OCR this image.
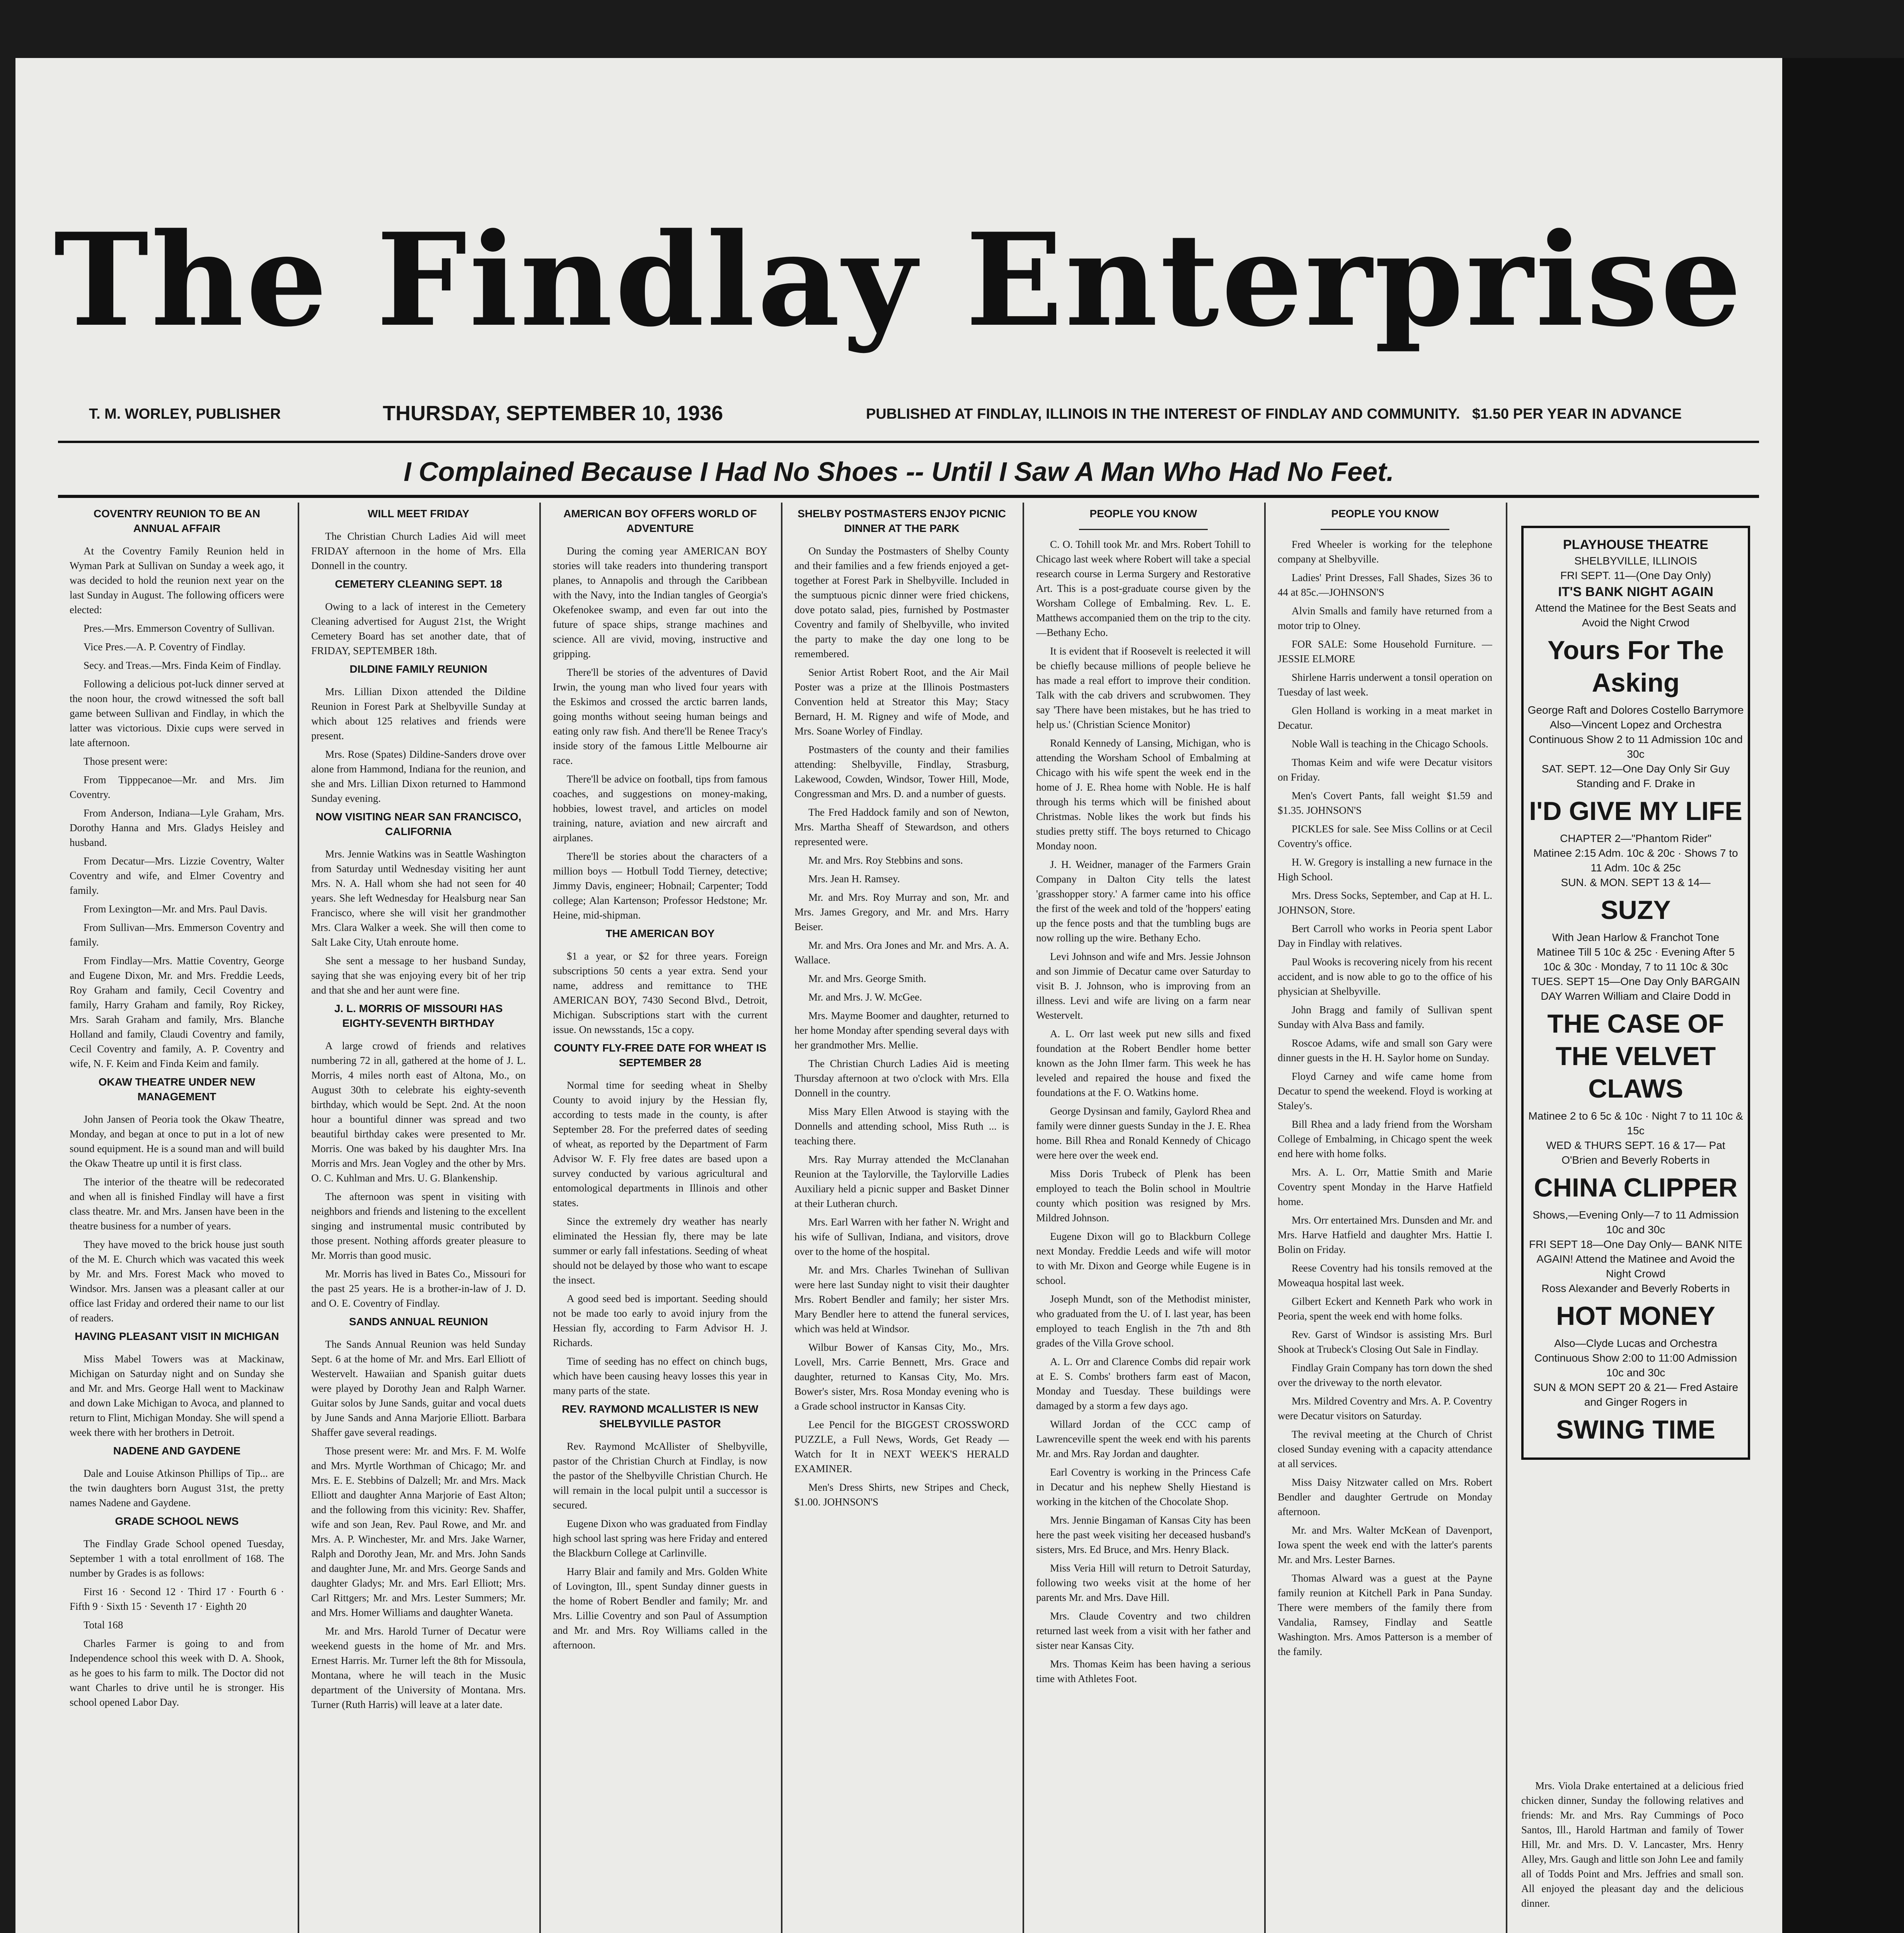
The Findlay Enterprise
T. M. WORLEY, PUBLISHER	THURSDAY, SEPTEMBER 10, 1936	PUBLISHED AT FINDLAY, ILLINOIS IN THE INTEREST OF FINDLAY AND COMMUNITY. $1.50 PER YEAR IN ADVANCE
I Complained Because I Had No Shoes -- Until I Saw A Man Who Had No Feet.
COVENTRY REUNION TO BE AN ANNUAL AFFAIR

At the Coventry Family Reunion held in Wyman Park at Sullivan on Sunday a week ago, it was decided to hold the reunion next year on the last Sunday in August. The following officers were elected:

Pres.—Mrs. Emmerson Coventry of Sullivan.

Vice Pres.—A. P. Coventry of Findlay.

Secy. and Treas.—Mrs. Finda Keim of Findlay.

Following a delicious pot-luck dinner served at the noon hour, the crowd witnessed the soft ball game between Sullivan and Findlay, in which the latter was victorious. Dixie cups were served in late afternoon.

Those present were:

From Tipppecanoe—Mr. and Mrs. Jim Coventry.

From Anderson, Indiana—Lyle Graham, Mrs. Dorothy Hanna and Mrs. Gladys Heisley and husband.

From Decatur—Mrs. Lizzie Coventry, Walter Coventry and wife, and Elmer Coventry and family.

From Lexington—Mr. and Mrs. Paul Davis.

From Sullivan—Mrs. Emmerson Coventry and family.

From Findlay—Mrs. Mattie Coventry, George and Eugene Dixon, Mr. and Mrs. Freddie Leeds, Roy Graham and family, Cecil Coventry and family, Harry Graham and family, Roy Rickey, Mrs. Sarah Graham and family, Mrs. Blanche Holland and family, Claudi Coventry and family, Cecil Coventry and family, A. P. Coventry and wife, N. F. Keim and Finda Keim and family.

OKAW THEATRE UNDER NEW MANAGEMENT

John Jansen of Peoria took the Okaw Theatre, Monday, and began at once to put in a lot of new sound equipment. He is a sound man and will build the Okaw Theatre up until it is first class.

The interior of the theatre will be redecorated and when all is finished Findlay will have a first class theatre. Mr. and Mrs. Jansen have been in the theatre business for a number of years.

They have moved to the brick house just south of the M. E. Church which was vacated this week by Mr. and Mrs. Forest Mack who moved to Windsor. Mrs. Jansen was a pleasant caller at our office last Friday and ordered their name to our list of readers.

HAVING PLEASANT VISIT IN MICHIGAN

Miss Mabel Towers was at Mackinaw, Michigan on Saturday night and on Sunday she and Mr. and Mrs. George Hall went to Mackinaw and down Lake Michigan to Avoca, and planned to return to Flint, Michigan Monday. She will spend a week there with her brothers in Detroit.

NADENE AND GAYDENE

Dale and Louise Atkinson Phillips of Tip... are the twin daughters born August 31st, the pretty names Nadene and Gaydene.

GRADE SCHOOL NEWS

The Findlay Grade School opened Tuesday, September 1 with a total enrollment of 168. The number by Grades is as follows:

First 16 · Second 12 · Third 17 · Fourth 6 · Fifth 9 · Sixth 15 · Seventh 17 · Eighth 20

Total 168

Charles Farmer is going to and from Independence school this week with D. A. Shook, as he goes to his farm to milk. The Doctor did not want Charles to drive until he is stronger. His school opened Labor Day.

WILL MEET FRIDAY

The Christian Church Ladies Aid will meet FRIDAY afternoon in the home of Mrs. Ella Donnell in the country.

CEMETERY CLEANING SEPT. 18

Owing to a lack of interest in the Cemetery Cleaning advertised for August 21st, the Wright Cemetery Board has set another date, that of FRIDAY, SEPTEMBER 18th.

DILDINE FAMILY REUNION

Mrs. Lillian Dixon attended the Dildine Reunion in Forest Park at Shelbyville Sunday at which about 125 relatives and friends were present.

Mrs. Rose (Spates) Dildine-Sanders drove over alone from Hammond, Indiana for the reunion, and she and Mrs. Lillian Dixon returned to Hammond Sunday evening.

NOW VISITING NEAR SAN FRANCISCO, CALIFORNIA

Mrs. Jennie Watkins was in Seattle Washington from Saturday until Wednesday visiting her aunt Mrs. N. A. Hall whom she had not seen for 40 years. She left Wednesday for Healsburg near San Francisco, where she will visit her grandmother Mrs. Clara Walker a week. She will then come to Salt Lake City, Utah enroute home.

She sent a message to her husband Sunday, saying that she was enjoying every bit of her trip and that she and her aunt were fine.

J. L. MORRIS OF MISSOURI HAS EIGHTY-SEVENTH BIRTHDAY

A large crowd of friends and relatives numbering 72 in all, gathered at the home of J. L. Morris, 4 miles north east of Altona, Mo., on August 30th to celebrate his eighty-seventh birthday, which would be Sept. 2nd. At the noon hour a bountiful dinner was spread and two beautiful birthday cakes were presented to Mr. Morris. One was baked by his daughter Mrs. Ina Morris and Mrs. Jean Vogley and the other by Mrs. O. C. Kuhlman and Mrs. U. G. Blankenship.

The afternoon was spent in visiting with neighbors and friends and listening to the excellent singing and instrumental music contributed by those present. Nothing affords greater pleasure to Mr. Morris than good music.

Mr. Morris has lived in Bates Co., Missouri for the past 25 years. He is a brother-in-law of J. D. and O. E. Coventry of Findlay.

SANDS ANNUAL REUNION

The Sands Annual Reunion was held Sunday Sept. 6 at the home of Mr. and Mrs. Earl Elliott of Westervelt. Hawaiian and Spanish guitar duets were played by Dorothy Jean and Ralph Warner. Guitar solos by June Sands, guitar and vocal duets by June Sands and Anna Marjorie Elliott. Barbara Shaffer gave several readings.

Those present were: Mr. and Mrs. F. M. Wolfe and Mrs. Myrtle Worthman of Chicago; Mr. and Mrs. E. E. Stebbins of Dalzell; Mr. and Mrs. Mack Elliott and daughter Anna Marjorie of East Alton; and the following from this vicinity: Rev. Shaffer, wife and son Jean, Rev. Paul Rowe, and Mr. and Mrs. A. P. Winchester, Mr. and Mrs. Jake Warner, Ralph and Dorothy Jean, Mr. and Mrs. John Sands and daughter June, Mr. and Mrs. George Sands and daughter Gladys; Mr. and Mrs. Earl Elliott; Mrs. Carl Rittgers; Mr. and Mrs. Lester Summers; Mr. and Mrs. Homer Williams and daughter Waneta.

Mr. and Mrs. Harold Turner of Decatur were weekend guests in the home of Mr. and Mrs. Ernest Harris. Mr. Turner left the 8th for Missoula, Montana, where he will teach in the Music department of the University of Montana. Mrs. Turner (Ruth Harris) will leave at a later date.

AMERICAN BOY OFFERS WORLD OF ADVENTURE

During the coming year AMERICAN BOY stories will take readers into thundering transport planes, to Annapolis and through the Caribbean with the Navy, into the Indian tangles of Georgia's Okefenokee swamp, and even far out into the future of space ships, strange machines and science. All are vivid, moving, instructive and gripping.

There'll be stories of the adventures of David Irwin, the young man who lived four years with the Eskimos and crossed the arctic barren lands, going months without seeing human beings and eating only raw fish. And there'll be Renee Tracy's inside story of the famous Little Melbourne air race.

There'll be advice on football, tips from famous coaches, and suggestions on money-making, hobbies, lowest travel, and articles on model training, nature, aviation and new aircraft and airplanes.

There'll be stories about the characters of a million boys — Hotbull Todd Tierney, detective; Jimmy Davis, engineer; Hobnail; Carpenter; Todd college; Alan Kartenson; Professor Hedstone; Mr. Heine, mid-shipman.

THE AMERICAN BOY

$1 a year, or $2 for three years. Foreign subscriptions 50 cents a year extra. Send your name, address and remittance to THE AMERICAN BOY, 7430 Second Blvd., Detroit, Michigan. Subscriptions start with the current issue. On newsstands, 15c a copy.

COUNTY FLY-FREE DATE FOR WHEAT IS SEPTEMBER 28

Normal time for seeding wheat in Shelby County to avoid injury by the Hessian fly, according to tests made in the county, is after September 28. For the preferred dates of seeding of wheat, as reported by the Department of Farm Advisor W. F. Fly free dates are based upon a survey conducted by various agricultural and entomological departments in Illinois and other states.

Since the extremely dry weather has nearly eliminated the Hessian fly, there may be late summer or early fall infestations. Seeding of wheat should not be delayed by those who want to escape the insect.

A good seed bed is important. Seeding should not be made too early to avoid injury from the Hessian fly, according to Farm Advisor H. J. Richards.

Time of seeding has no effect on chinch bugs, which have been causing heavy losses this year in many parts of the state.

REV. RAYMOND MCALLISTER IS NEW SHELBYVILLE PASTOR

Rev. Raymond McAllister of Shelbyville, pastor of the Christian Church at Findlay, is now the pastor of the Shelbyville Christian Church. He will remain in the local pulpit until a successor is secured.

Eugene Dixon who was graduated from Findlay high school last spring was here Friday and entered the Blackburn College at Carlinville.

Harry Blair and family and Mrs. Golden White of Lovington, Ill., spent Sunday dinner guests in the home of Robert Bendler and family; Mr. and Mrs. Lillie Coventry and son Paul of Assumption and Mr. and Mrs. Roy Williams called in the afternoon.

SHELBY POSTMASTERS ENJOY PICNIC DINNER AT THE PARK

On Sunday the Postmasters of Shelby County and their families and a few friends enjoyed a get-together at Forest Park in Shelbyville. Included in the sumptuous picnic dinner were fried chickens, dove potato salad, pies, furnished by Postmaster Coventry and family of Shelbyville, who invited the party to make the day one long to be remembered.

Senior Artist Robert Root, and the Air Mail Poster was a prize at the Illinois Postmasters Convention held at Streator this May; Stacy Bernard, H. M. Rigney and wife of Mode, and Mrs. Soane Worley of Findlay.

Postmasters of the county and their families attending: Shelbyville, Findlay, Strasburg, Lakewood, Cowden, Windsor, Tower Hill, Mode, Congressman and Mrs. D. and a number of guests.

The Fred Haddock family and son of Newton, Mrs. Martha Sheaff of Stewardson, and others represented were.

Mr. and Mrs. Roy Stebbins and sons.

Mrs. Jean H. Ramsey.

Mr. and Mrs. Roy Murray and son, Mr. and Mrs. James Gregory, and Mr. and Mrs. Harry Beiser.

Mr. and Mrs. Ora Jones and Mr. and Mrs. A. A. Wallace.

Mr. and Mrs. George Smith.

Mr. and Mrs. J. W. McGee.

Mrs. Mayme Boomer and daughter, returned to her home Monday after spending several days with her grandmother Mrs. Mellie.

The Christian Church Ladies Aid is meeting Thursday afternoon at two o'clock with Mrs. Ella Donnell in the country.

Miss Mary Ellen Atwood is staying with the Donnells and attending school, Miss Ruth ... is teaching there.

Mrs. Ray Murray attended the McClanahan Reunion at the Taylorville, the Taylorville Ladies Auxiliary held a picnic supper and Basket Dinner at their Lutheran church.

Mrs. Earl Warren with her father N. Wright and his wife of Sullivan, Indiana, and visitors, drove over to the home of the hospital.

Mr. and Mrs. Charles Twinehan of Sullivan were here last Sunday night to visit their daughter Mrs. Robert Bendler and family; her sister Mrs. Mary Bendler here to attend the funeral services, which was held at Windsor.

Wilbur Bower of Kansas City, Mo., Mrs. Lovell, Mrs. Carrie Bennett, Mrs. Grace and daughter, returned to Kansas City, Mo. Mrs. Bower's sister, Mrs. Rosa Monday evening who is a Grade school instructor in Kansas City.

Lee Pencil for the BIGGEST CROSSWORD PUZZLE, a Full News, Words, Get Ready — Watch for It in NEXT WEEK'S HERALD EXAMINER.

Men's Dress Shirts, new Stripes and Check, $1.00. JOHNSON'S

PEOPLE YOU KNOW

C. O. Tohill took Mr. and Mrs. Robert Tohill to Chicago last week where Robert will take a special research course in Lerma Surgery and Restorative Art. This is a post-graduate course given by the Worsham College of Embalming. Rev. L. E. Matthews accompanied them on the trip to the city.—Bethany Echo.

It is evident that if Roosevelt is reelected it will be chiefly because millions of people believe he has made a real effort to improve their condition. Talk with the cab drivers and scrubwomen. They say 'There have been mistakes, but he has tried to help us.' (Christian Science Monitor)

Ronald Kennedy of Lansing, Michigan, who is attending the Worsham School of Embalming at Chicago with his wife spent the week end in the home of J. E. Rhea home with Noble. He is half through his terms which will be finished about Christmas. Noble likes the work but finds his studies pretty stiff. The boys returned to Chicago Monday noon.

J. H. Weidner, manager of the Farmers Grain Company in Dalton City tells the latest 'grasshopper story.' A farmer came into his office the first of the week and told of the 'hoppers' eating up the fence posts and that the tumbling bugs are now rolling up the wire. Bethany Echo.

Levi Johnson and wife and Mrs. Jessie Johnson and son Jimmie of Decatur came over Saturday to visit B. J. Johnson, who is improving from an illness. Levi and wife are living on a farm near Westervelt.

A. L. Orr last week put new sills and fixed foundation at the Robert Bendler home better known as the John Ilmer farm. This week he has leveled and repaired the house and fixed the foundations at the F. O. Watkins home.

George Dysinsan and family, Gaylord Rhea and family were dinner guests Sunday in the J. E. Rhea home. Bill Rhea and Ronald Kennedy of Chicago were here over the week end.

Miss Doris Trubeck of Plenk has been employed to teach the Bolin school in Moultrie county which position was resigned by Mrs. Mildred Johnson.

Eugene Dixon will go to Blackburn College next Monday. Freddie Leeds and wife will motor to with Mr. Dixon and George while Eugene is in school.

Joseph Mundt, son of the Methodist minister, who graduated from the U. of I. last year, has been employed to teach English in the 7th and 8th grades of the Villa Grove school.

A. L. Orr and Clarence Combs did repair work at E. S. Combs' brothers farm east of Macon, Monday and Tuesday. These buildings were damaged by a storm a few days ago.

Willard Jordan of the CCC camp of Lawrenceville spent the week end with his parents Mr. and Mrs. Ray Jordan and daughter.

Earl Coventry is working in the Princess Cafe in Decatur and his nephew Shelly Hiestand is working in the kitchen of the Chocolate Shop.

Mrs. Jennie Bingaman of Kansas City has been here the past week visiting her deceased husband's sisters, Mrs. Ed Bruce, and Mrs. Henry Black.

Miss Veria Hill will return to Detroit Saturday, following two weeks visit at the home of her parents Mr. and Mrs. Dave Hill.

Mrs. Claude Coventry and two children returned last week from a visit with her father and sister near Kansas City.

Mrs. Thomas Keim has been having a serious time with Athletes Foot.

PEOPLE YOU KNOW

Fred Wheeler is working for the telephone company at Shelbyville.

Ladies' Print Dresses, Fall Shades, Sizes 36 to 44 at 85c.—JOHNSON'S

Alvin Smalls and family have returned from a motor trip to Olney.

FOR SALE: Some Household Furniture. —JESSIE ELMORE

Shirlene Harris underwent a tonsil operation on Tuesday of last week.

Glen Holland is working in a meat market in Decatur.

Noble Wall is teaching in the Chicago Schools.

Thomas Keim and wife were Decatur visitors on Friday.

Men's Covert Pants, fall weight $1.59 and $1.35. JOHNSON'S

PICKLES for sale. See Miss Collins or at Cecil Coventry's office.

H. W. Gregory is installing a new furnace in the High School.

Mrs. Dress Socks, September, and Cap at H. L. JOHNSON, Store.

Bert Carroll who works in Peoria spent Labor Day in Findlay with relatives.

Paul Wooks is recovering nicely from his recent accident, and is now able to go to the office of his physician at Shelbyville.

John Bragg and family of Sullivan spent Sunday with Alva Bass and family.

Roscoe Adams, wife and small son Gary were dinner guests in the H. H. Saylor home on Sunday.

Floyd Carney and wife came home from Decatur to spend the weekend. Floyd is working at Staley's.

Bill Rhea and a lady friend from the Worsham College of Embalming, in Chicago spent the week end here with home folks.

Mrs. A. L. Orr, Mattie Smith and Marie Coventry spent Monday in the Harve Hatfield home.

Mrs. Orr entertained Mrs. Dunsden and Mr. and Mrs. Harve Hatfield and daughter Mrs. Hattie I. Bolin on Friday.

Reese Coventry had his tonsils removed at the Moweaqua hospital last week.

Gilbert Eckert and Kenneth Park who work in Peoria, spent the week end with home folks.

Rev. Garst of Windsor is assisting Mrs. Burl Shook at Trubeck's Closing Out Sale in Findlay.

Findlay Grain Company has torn down the shed over the driveway to the north elevator.

Mrs. Mildred Coventry and Mrs. A. P. Coventry were Decatur visitors on Saturday.

The revival meeting at the Church of Christ closed Sunday evening with a capacity attendance at all services.

Miss Daisy Nitzwater called on Mrs. Robert Bendler and daughter Gertrude on Monday afternoon.

Mr. and Mrs. Walter McKean of Davenport, Iowa spent the week end with the latter's parents Mr. and Mrs. Lester Barnes.

Thomas Alward was a guest at the Payne family reunion at Kitchell Park in Pana Sunday. There were members of the family there from Vandalia, Ramsey, Findlay and Seattle Washington. Mrs. Amos Patterson is a member of the family.

PLAYHOUSE THEATRE
SHELBYVILLE, ILLINOIS
FRI SEPT. 11—(One Day Only)
IT'S BANK NIGHT AGAIN
Attend the Matinee for the Best Seats and Avoid the Night Crwod
Yours For The Asking
George Raft and Dolores Costello Barrymore
Also—Vincent Lopez and Orchestra Continuous Show 2 to 11 Admission 10c and 30c
SAT. SEPT. 12—One Day Only Sir Guy Standing and F. Drake in
I'D GIVE MY LIFE
CHAPTER 2—"Phantom Rider"
Matinee 2:15 Adm. 10c & 20c · Shows 7 to 11 Adm. 10c & 25c
SUN. & MON. SEPT 13 & 14—
SUZY
With Jean Harlow & Franchot Tone
Matinee Till 5 10c & 25c · Evening After 5 10c & 30c · Monday, 7 to 11 10c & 30c
TUES. SEPT 15—One Day Only BARGAIN DAY Warren William and Claire Dodd in
THE CASE OF THE VELVET CLAWS
Matinee 2 to 6 5c & 10c · Night 7 to 11 10c & 15c
WED & THURS SEPT. 16 & 17— Pat O'Brien and Beverly Roberts in
CHINA CLIPPER
Shows,—Evening Only—7 to 11 Admission 10c and 30c
FRI SEPT 18—One Day Only— BANK NITE AGAIN! Attend the Matinee and Avoid the Night Crowd
Ross Alexander and Beverly Roberts in
HOT MONEY
Also—Clyde Lucas and Orchestra Continuous Show 2:00 to 11:00 Admission 10c and 30c
SUN & MON SEPT 20 & 21— Fred Astaire and Ginger Rogers in
SWING TIME

Mrs. Viola Drake entertained at a delicious fried chicken dinner, Sunday the following relatives and friends: Mr. and Mrs. Ray Cummings of Poco Santos, Ill., Harold Hartman and family of Tower Hill, Mr. and Mrs. D. V. Lancaster, Mrs. Henry Alley, Mrs. Gaugh and little son John Lee and family all of Todds Point and Mrs. Jeffries and small son. All enjoyed the pleasant day and the delicious dinner.
